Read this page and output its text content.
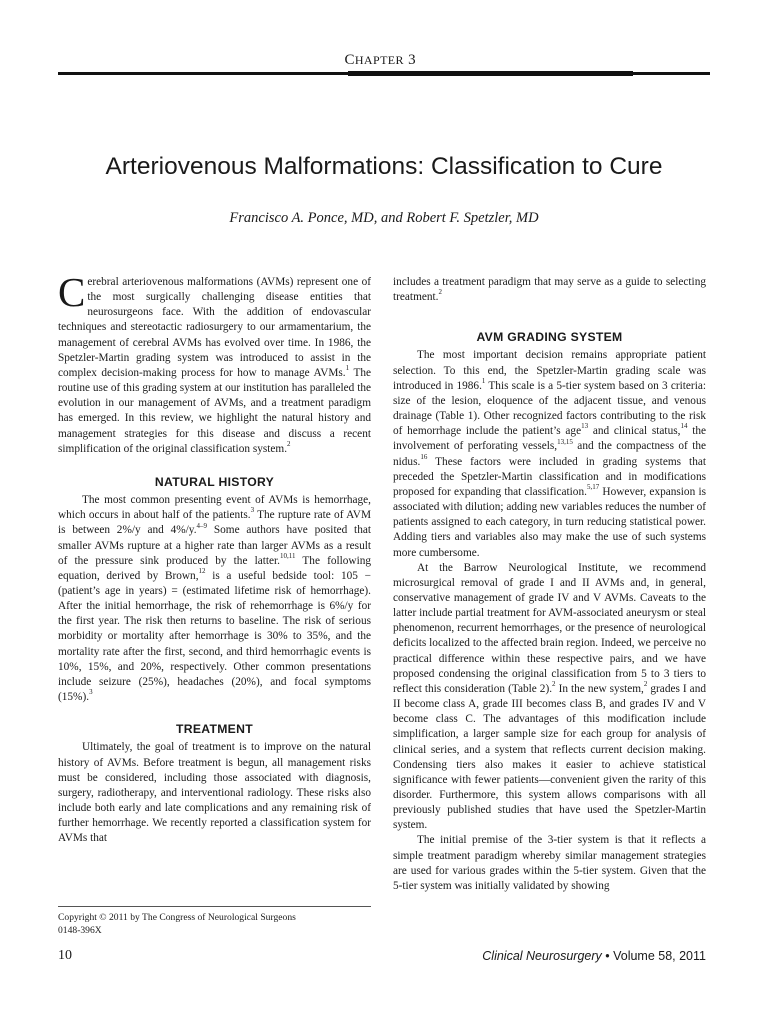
CHAPTER 3
Arteriovenous Malformations: Classification to Cure
Francisco A. Ponce, MD, and Robert F. Spetzler, MD

Cerebral arteriovenous malformations (AVMs) represent one of the most surgically challenging disease entities that neurosurgeons face. With the addition of endovascular techniques and stereotactic radiosurgery to our armamentarium, the management of cerebral AVMs has evolved over time. In 1986, the Spetzler-Martin grading system was introduced to assist in the complex decision-making process for how to manage AVMs.$^1$ The routine use of this grading system at our institution has paralleled the evolution in our management of AVMs, and a treatment paradigm has emerged. In this review, we highlight the natural history and management strategies for this disease and discuss a recent simplification of the original classification system.$^2$

NATURAL HISTORY

The most common presenting event of AVMs is hemorrhage, which occurs in about half of the patients.$^3$ The rupture rate of AVM is between 2%/y and 4%/y.$^{4-9}$ Some authors have posited that smaller AVMs rupture at a higher rate than larger AVMs as a result of the pressure sink produced by the latter.$^{10,11}$ The following equation, derived by Brown,$^{12}$ is a useful bedside tool: 105 − (patient’s age in years) = (estimated lifetime risk of hemorrhage). After the initial hemorrhage, the risk of rehemorrhage is 6%/y for the first year. The risk then returns to baseline. The risk of serious morbidity or mortality after hemorrhage is 30% to 35%, and the mortality rate after the first, second, and third hemorrhagic events is 10%, 15%, and 20%, respectively. Other common presentations include seizure (25%), headaches (20%), and focal symptoms (15%).$^3$

TREATMENT

Ultimately, the goal of treatment is to improve on the natural history of AVMs. Before treatment is begun, all management risks must be considered, including those associated with diagnosis, surgery, radiotherapy, and interventional radiology. These risks also include both early and late complications and any remaining risk of further hemorrhage. We recently reported a classification system for AVMs that

includes a treatment paradigm that may serve as a guide to selecting treatment.$^2$

AVM GRADING SYSTEM

The most important decision remains appropriate patient selection. To this end, the Spetzler-Martin grading scale was introduced in 1986.$^1$ This scale is a 5-tier system based on 3 criteria: size of the lesion, eloquence of the adjacent tissue, and venous drainage (Table 1). Other recognized factors contributing to the risk of hemorrhage include the patient’s age$^{13}$ and clinical status,$^{14}$ the involvement of perforating vessels,$^{13,15}$ and the compactness of the nidus.$^{16}$ These factors were included in grading systems that preceded the Spetzler-Martin classification and in modifications proposed for expanding that classification.$^{5,17}$ However, expansion is associated with dilution; adding new variables reduces the number of patients assigned to each category, in turn reducing statistical power. Adding tiers and variables also may make the use of such systems more cumbersome.

At the Barrow Neurological Institute, we recommend microsurgical removal of grade I and II AVMs and, in general, conservative management of grade IV and V AVMs. Caveats to the latter include partial treatment for AVM-associated aneurysm or steal phenomenon, recurrent hemorrhages, or the presence of neurological deficits localized to the affected brain region. Indeed, we perceive no practical difference within these respective pairs, and we have proposed condensing the original classification from 5 to 3 tiers to reflect this consideration (Table 2).$^2$ In the new system,$^2$ grades I and II become class A, grade III becomes class B, and grades IV and V become class C. The advantages of this modification include simplification, a larger sample size for each group for analysis of clinical series, and a system that reflects current decision making. Condensing tiers also makes it easier to achieve statistical significance with fewer patients—convenient given the rarity of this disorder. Furthermore, this system allows comparisons with all previously published studies that have used the Spetzler-Martin system.

The initial premise of the 3-tier system is that it reflects a simple treatment paradigm whereby similar management strategies are used for various grades within the 5-tier system. Given that the 5-tier system was initially validated by showing

Copyright © 2011 by The Congress of Neurological Surgeons
0148-396X
10	Clinical Neurosurgery • Volume 58, 2011
